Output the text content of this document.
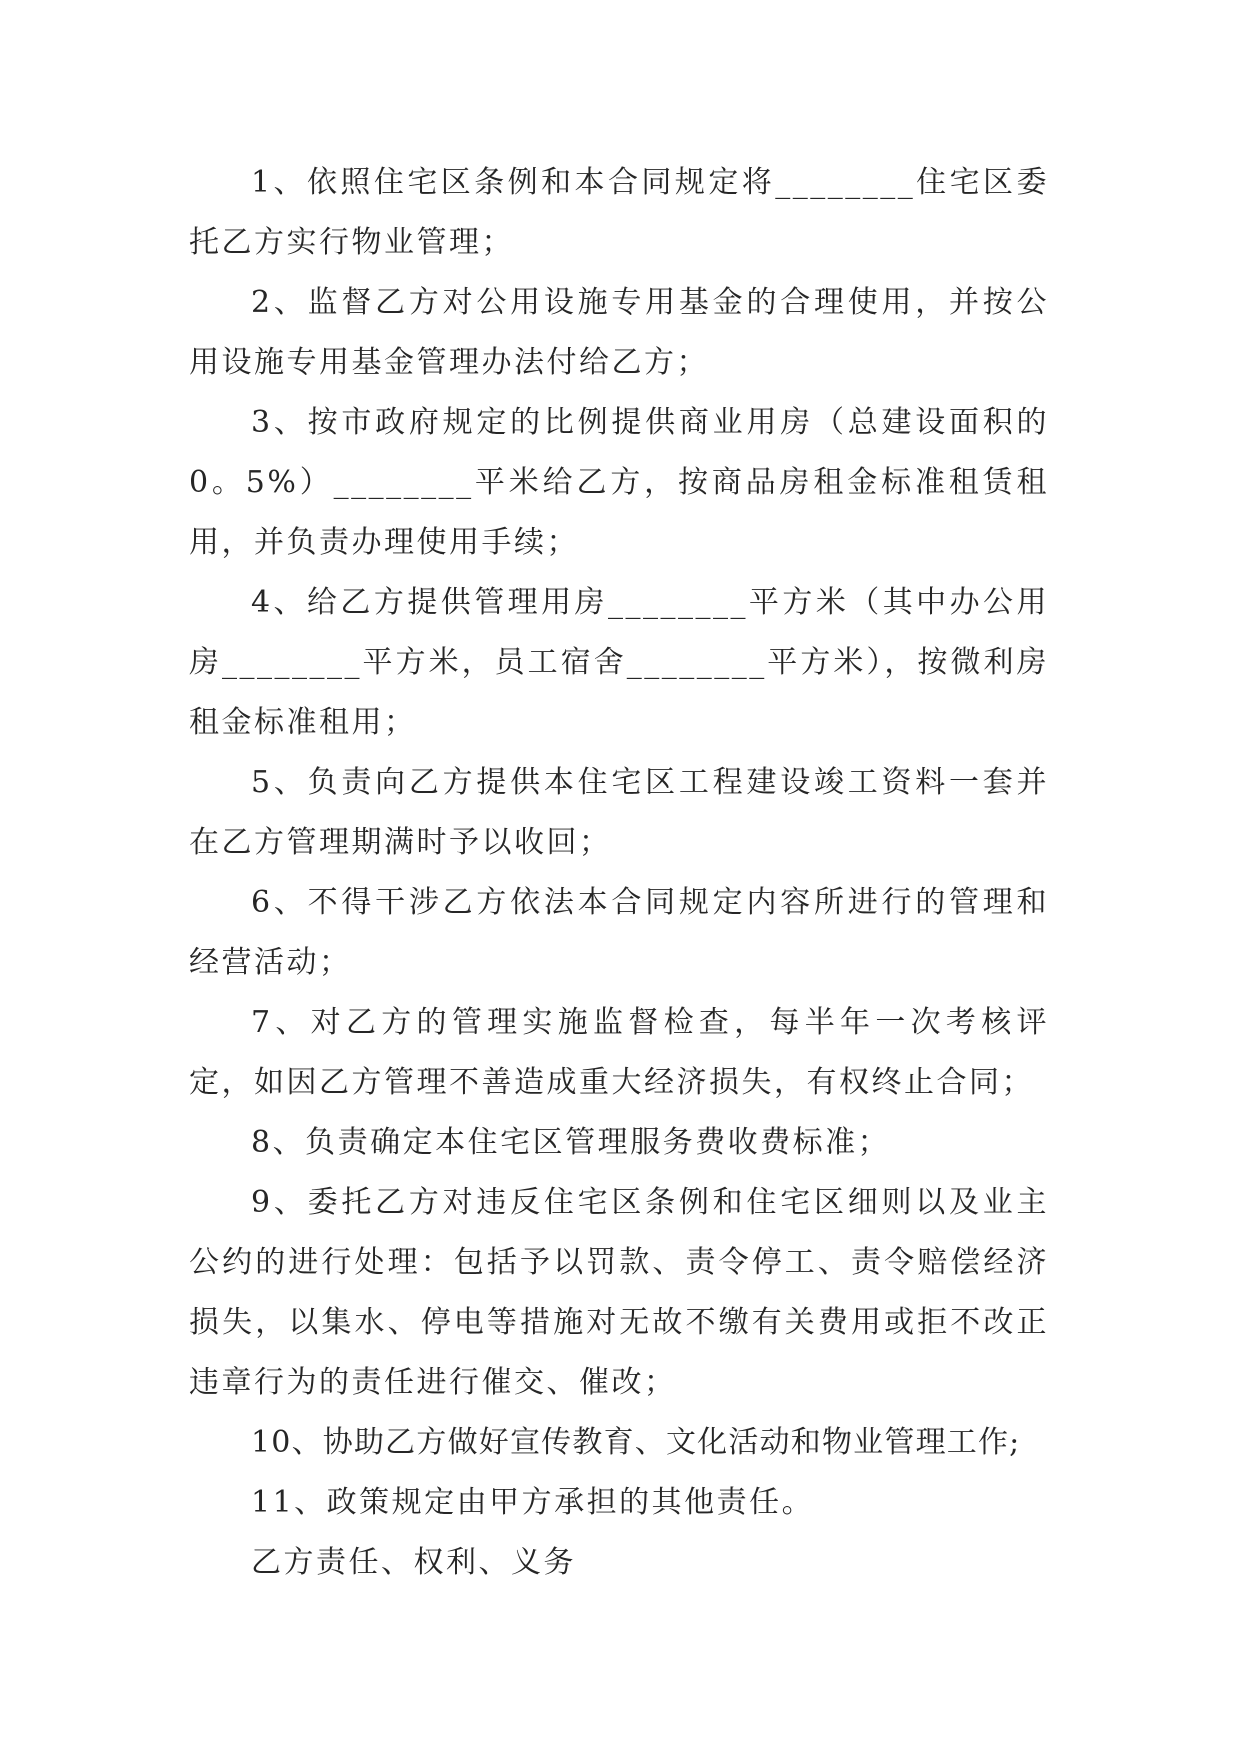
1、依照住宅区条例和本合同规定将________住宅区委托乙方实行物业管理；

2、监督乙方对公用设施专用基金的合理使用，并按公用设施专用基金管理办法付给乙方；

3、按市政府规定的比例提供商业用房（总建设面积的0。5%）________平米给乙方，按商品房租金标准租赁租用，并负责办理使用手续；

4、给乙方提供管理用房________平方米（其中办公用房________平方米，员工宿舍________平方米），按微利房租金标准租用；

5、负责向乙方提供本住宅区工程建设竣工资料一套并在乙方管理期满时予以收回；

6、不得干涉乙方依法本合同规定内容所进行的管理和经营活动；

7、对乙方的管理实施监督检查，每半年一次考核评定，如因乙方管理不善造成重大经济损失，有权终止合同；

8、负责确定本住宅区管理服务费收费标准；

9、委托乙方对违反住宅区条例和住宅区细则以及业主公约的进行处理：包括予以罚款、责令停工、责令赔偿经济损失，以集水、停电等措施对无故不缴有关费用或拒不改正违章行为的责任进行催交、催改；

10、协助乙方做好宣传教育、文化活动和物业管理工作;

11、政策规定由甲方承担的其他责任。

乙方责任、权利、义务
